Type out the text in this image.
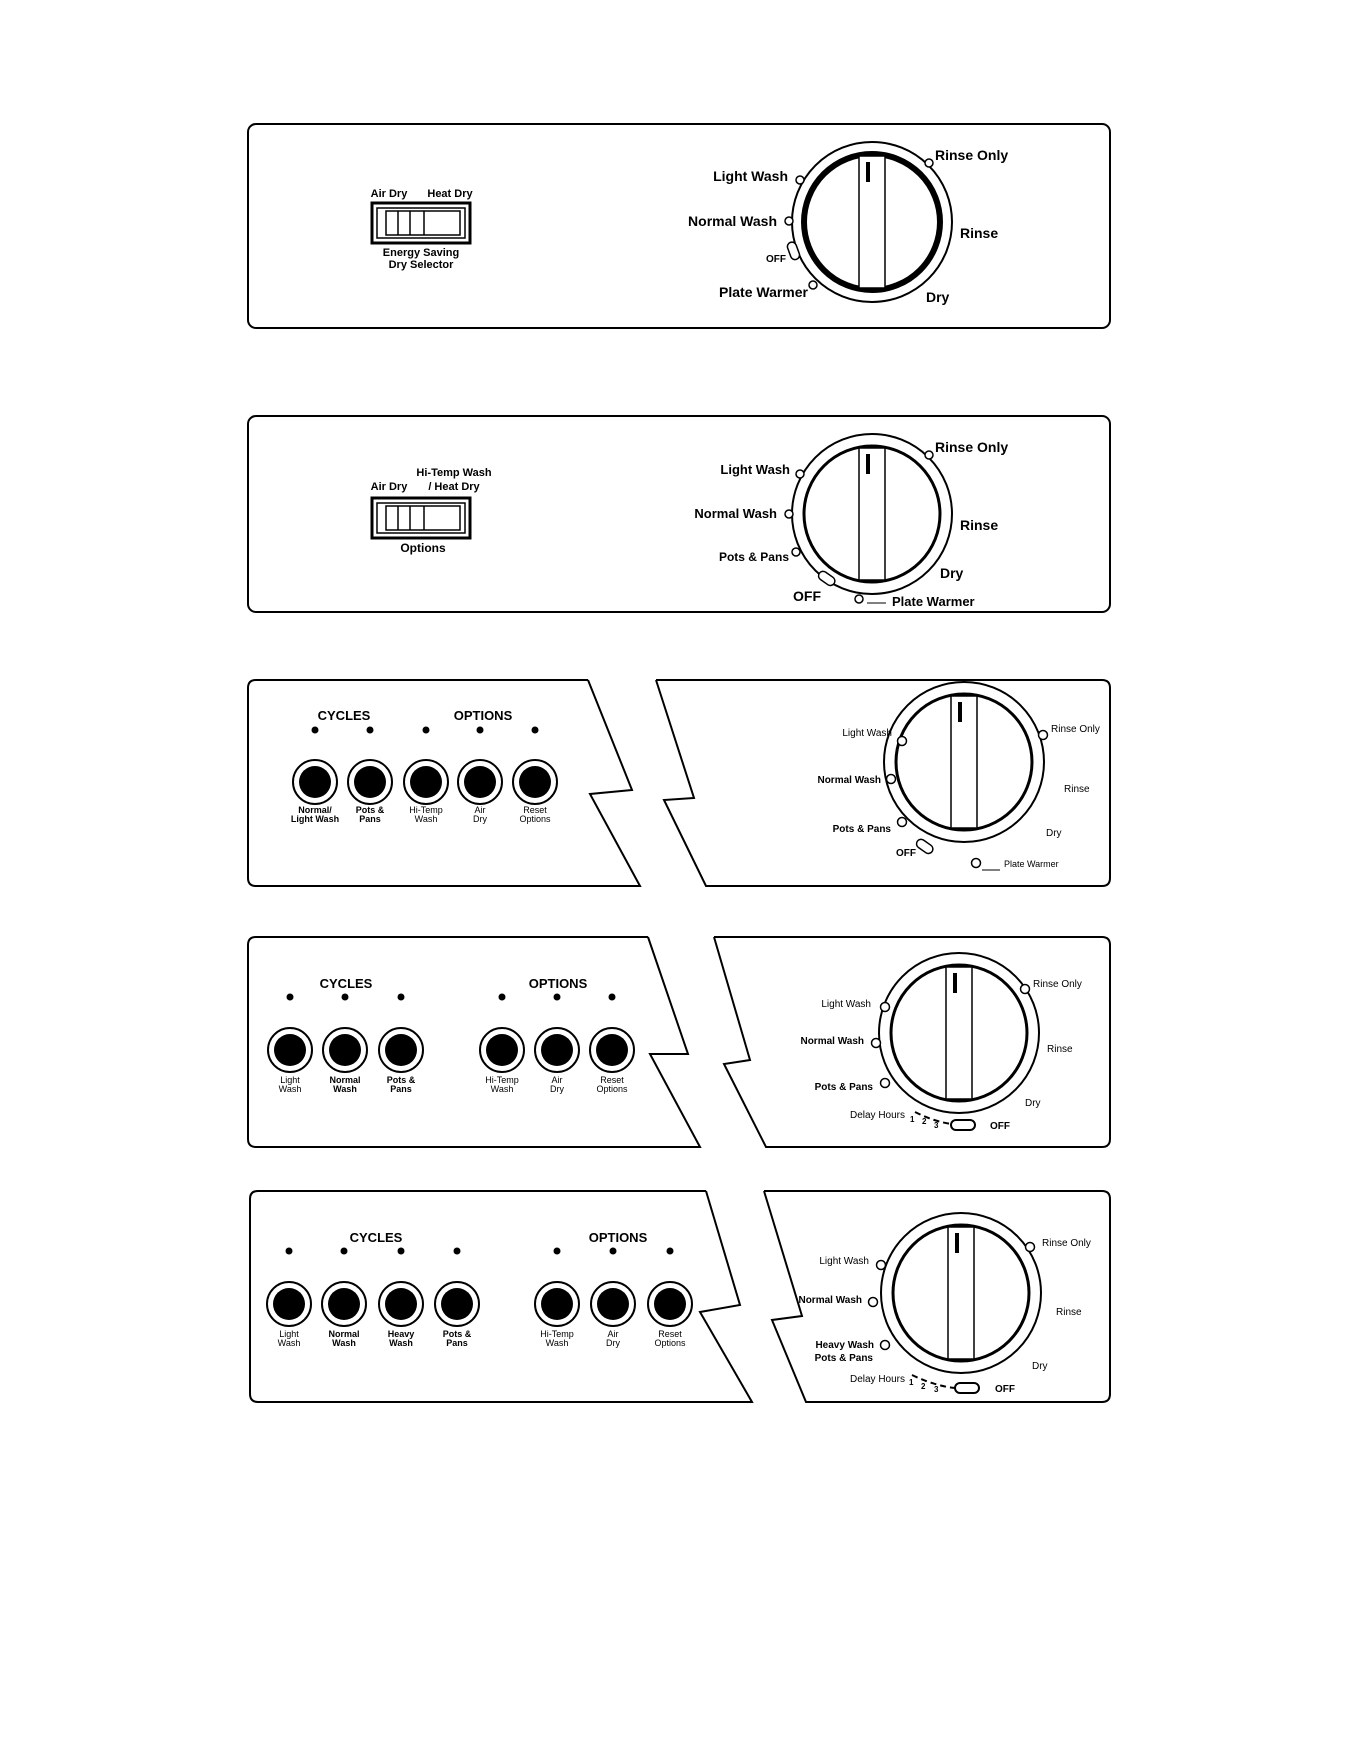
Air Dry Heat Dry
Energy Saving
Dry Selector
Light Wash
Normal Wash
OFF
Plate Warmer
Rinse Only
Rinse
Dry
Air Dry
Hi-Temp Wash
/ Heat Dry
Options
Light Wash
Normal Wash
Pots & Pans
OFF	Plate Warmer
Rinse Only
Rinse
Dry
CYCLES	OPTIONS
Normal/
Light Wash
Pots &
Pans
Hi-Temp
Wash
Air
Dry
Reset
Options
Light Wash
Normal Wash
Pots & Pans
OFF
Plate Warmer
Rinse Only
Rinse
Dry
CYCLES	OPTIONS
Light
Wash
Normal
Wash
Pots &
Pans
Hi-Temp
Wash
Air
Dry
Reset
Options
Light Wash
Normal Wash
Pots & Pans
Delay Hours 1 2 3	OFF
Rinse Only
Rinse
Dry
CYCLES	OPTIONS
Light
Wash
Normal
Wash
Heavy
Wash
Pots &
Pans
Hi-Temp
Wash
Air
Dry
Reset
Options
Light Wash
Normal Wash
Heavy Wash
Pots & Pans
Delay Hours 1 2 3	OFF
Rinse Only
Rinse
Dry
